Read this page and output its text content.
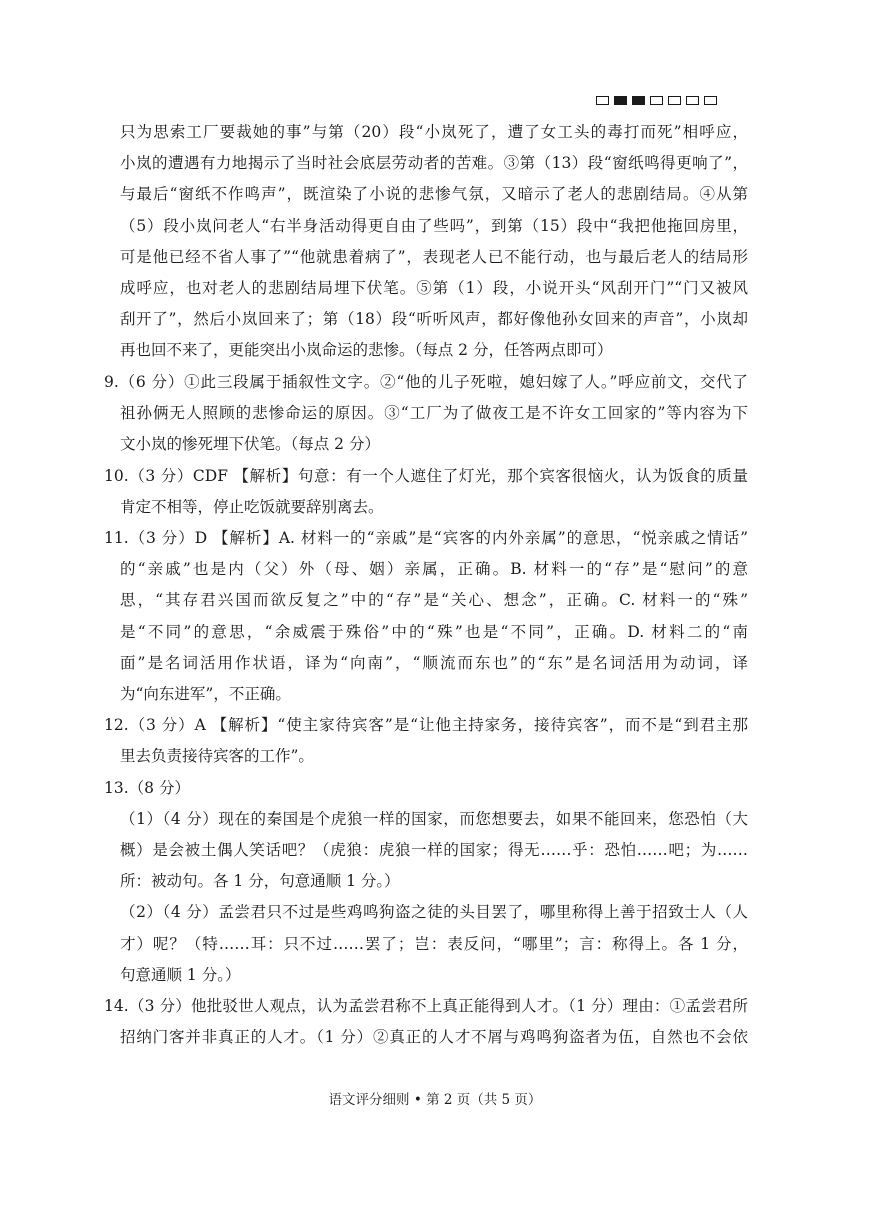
只为思索工厂要裁她的事”与第（20）段“小岚死了，遭了女工头的毒打而死”相呼应，
小岚的遭遇有力地揭示了当时社会底层劳动者的苦难。③第（13）段“窗纸鸣得更响了”，
与最后“窗纸不作鸣声”，既渲染了小说的悲惨气氛，又暗示了老人的悲剧结局。④从第
（5）段小岚问老人“右半身活动得更自由了些吗”，到第（15）段中“我把他拖回房里，
可是他已经不省人事了”“他就患着病了”，表现老人已不能行动，也与最后老人的结局形
成呼应，也对老人的悲剧结局埋下伏笔。⑤第（1）段，小说开头“风刮开门”“门又被风
刮开了”，然后小岚回来了；第（18）段“听听风声，都好像他孙女回来的声音”，小岚却
再也回不来了，更能突出小岚命运的悲惨。（每点 2 分，任答两点即可）
9.（6 分）①此三段属于插叙性文字。②“他的儿子死啦，媳妇嫁了人。”呼应前文，交代了
祖孙俩无人照顾的悲惨命运的原因。③“工厂为了做夜工是不许女工回家的”等内容为下
文小岚的惨死埋下伏笔。（每点 2 分）
10.（3 分）CDF 【解析】句意：有一个人遮住了灯光，那个宾客很恼火，认为饭食的质量
肯定不相等，停止吃饭就要辞别离去。
11.（3 分）D 【解析】A. 材料一的“亲戚”是“宾客的内外亲属”的意思，“悦亲戚之情话”
的“亲戚”也是内（父）外（母、姻）亲属，正确。B. 材料一的“存”是“慰问”的意
思，“其存君兴国而欲反复之”中的“存”是“关心、想念”，正确。C. 材料一的“殊”
是“不同”的意思，“余威震于殊俗”中的“殊”也是“不同”，正确。D. 材料二的“南
面”是名词活用作状语，译为“向南”，“顺流而东也”的“东”是名词活用为动词，译
为“向东进军”，不正确。
12.（3 分）A 【解析】“使主家待宾客”是“让他主持家务，接待宾客”，而不是“到君主那
里去负责接待宾客的工作”。
13.（8 分）
（1）（4 分）现在的秦国是个虎狼一样的国家，而您想要去，如果不能回来，您恐怕（大
概）是会被土偶人笑话吧？（虎狼：虎狼一样的国家；得无……乎：恐怕……吧；为……
所：被动句。各 1 分，句意通顺 1 分。）
（2）（4 分）孟尝君只不过是些鸡鸣狗盗之徒的头目罢了，哪里称得上善于招致士人（人
才）呢？（特……耳：只不过……罢了；岂：表反问，“哪里”；言：称得上。各 1 分，
句意通顺 1 分。）
14.（3 分）他批驳世人观点，认为孟尝君称不上真正能得到人才。（1 分）理由：①孟尝君所
招纳门客并非真正的人才。（1 分）②真正的人才不屑与鸡鸣狗盗者为伍，自然也不会依
语文评分细则 • 第 2 页（共 5 页）
